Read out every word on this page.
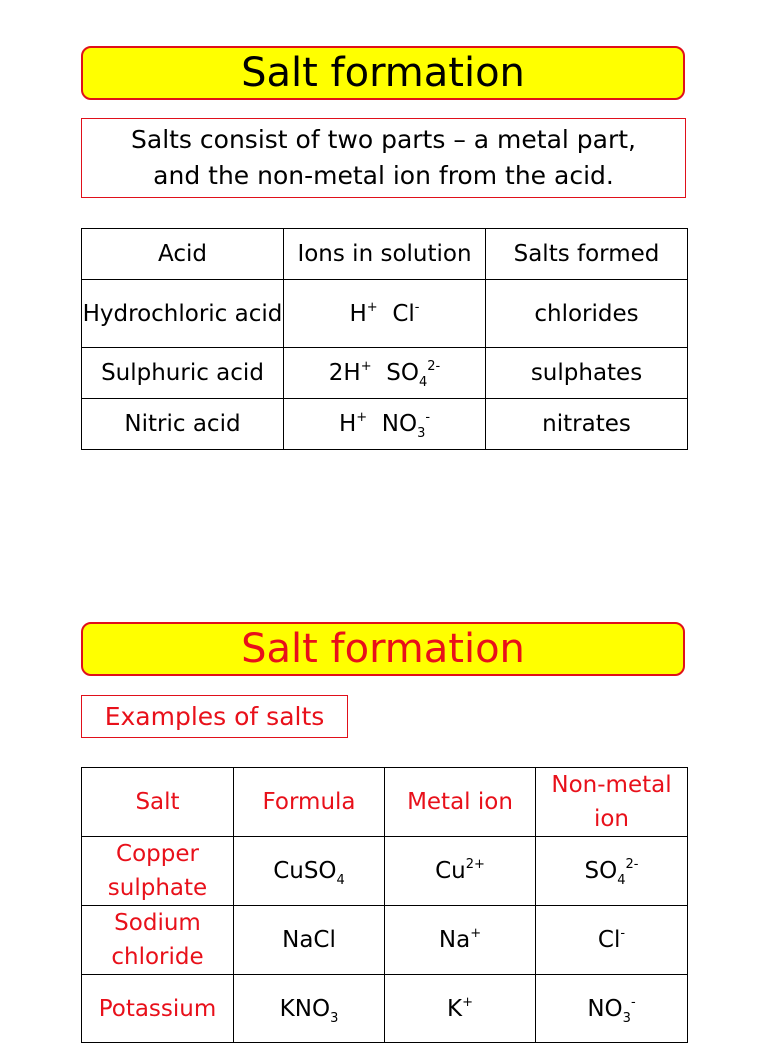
Salt formation
Salts consist of two parts – a metal part,
and the non-metal ion from the acid.
Acid	Ions in solution	Salts formed
Hydrochloric acid	H+ Cl-	chlorides
Sulphuric acid	2H+ $SO_4^{2-}$	sulphates
Nitric acid	H+ $NO_3^-$	nitrates
Salt formation
Examples of salts
Salt	Formula	Metal ion	Non-metal ion
Copper sulphate	CuSO$_4$	$Cu^{2+}$	$SO_4^{2-}$
Sodium chloride	NaCl	Na+	Cl-
Potassium	$KNO_3$	K+	$NO_3^-$
